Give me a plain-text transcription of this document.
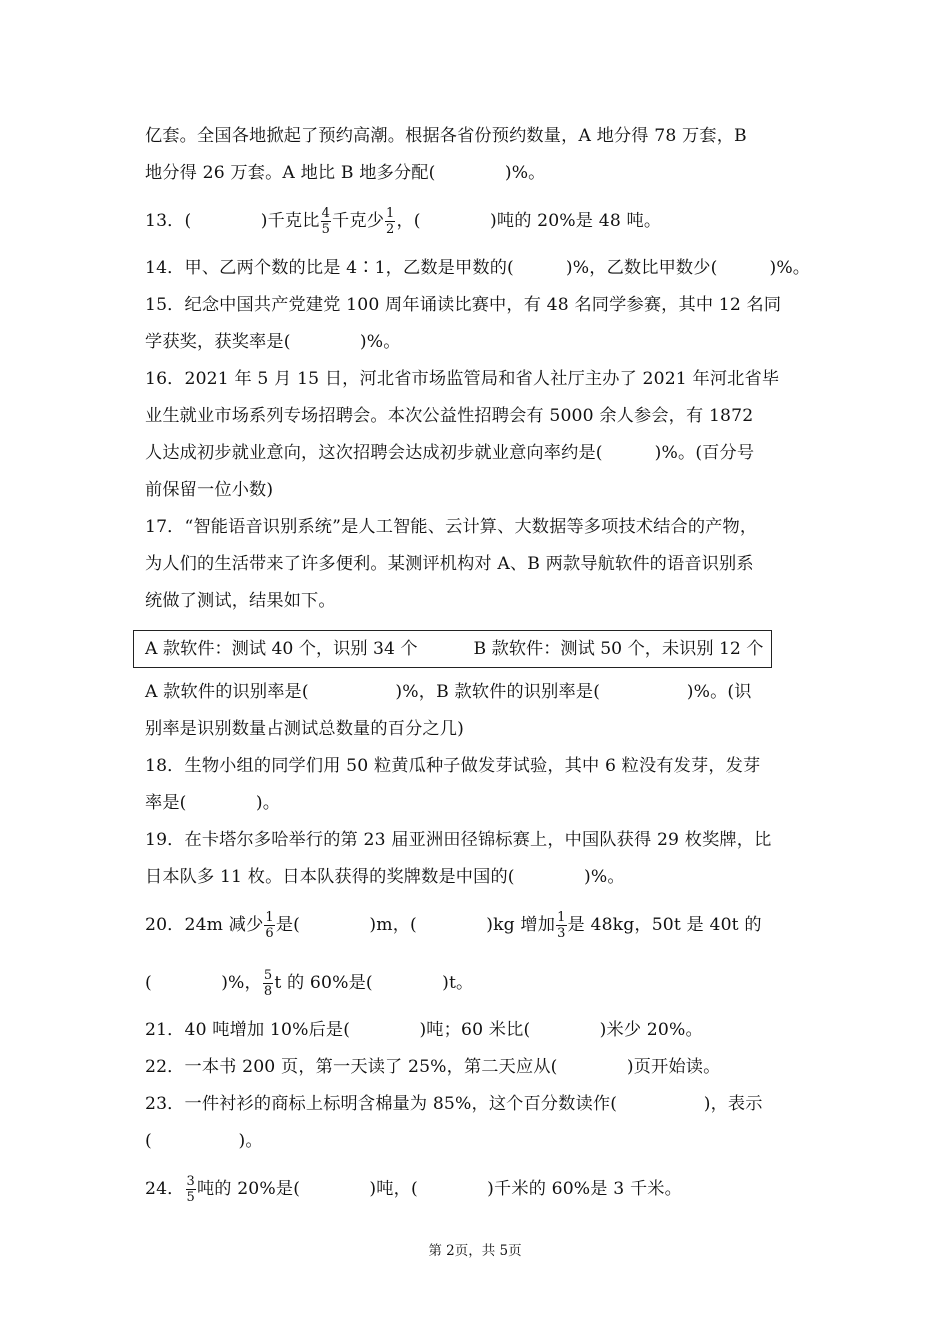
亿套。全国各地掀起了预约高潮。根据各省份预约数量，A 地分得 78 万套，B
地分得 26 万套。A 地比 B 地多分配(　　　　)%。
13．(　　　　)千克比 $\frac{4}{5}$ 千克少 $\frac{1}{2}$ ，(　　　　)吨的 20%是 48 吨。
14．甲、乙两个数的比是 4∶1，乙数是甲数的(　　　)%，乙数比甲数少(　　　)%。
15．纪念中国共产党建党 100 周年诵读比赛中，有 48 名同学参赛，其中 12 名同
学获奖，获奖率是(　　　　)%。
16．2021 年 5 月 15 日，河北省市场监管局和省人社厅主办了 2021 年河北省毕
业生就业市场系列专场招聘会。本次公益性招聘会有 5000 余人参会，有 1872
人达成初步就业意向，这次招聘会达成初步就业意向率约是(　　　)%。(百分号
前保留一位小数)
17．“智能语音识别系统”是人工智能、云计算、大数据等多项技术结合的产物，
为人们的生活带来了许多便利。某测评机构对 A、B 两款导航软件的语音识别系
统做了测试，结果如下。
A 款软件：测试 40 个，识别 34 个	B 款软件：测试 50 个，未识别 12 个
A 款软件的识别率是(　　　　　)%，B 款软件的识别率是(　　　　　)%。(识
别率是识别数量占测试总数量的百分之几)
18．生物小组的同学们用 50 粒黄瓜种子做发芽试验，其中 6 粒没有发芽，发芽
率是(　　　　)。
19．在卡塔尔多哈举行的第 23 届亚洲田径锦标赛上，中国队获得 29 枚奖牌，比
日本队多 11 枚。日本队获得的奖牌数是中国的(　　　　)%。
20．24m 减少 $\frac{1}{6}$ 是(　　　　)m，(　　　　)kg 增加 $\frac{1}{3}$ 是 48kg，50t 是 40t 的
(　　　　)%， $\frac{5}{8}$ t 的 60%是(　　　　)t。
21．40 吨增加 10%后是(　　　　)吨；60 米比(　　　　)米少 20%。
22．一本书 200 页，第一天读了 25%，第二天应从(　　　　)页开始读。
23．一件衬衫的商标上标明含棉量为 85%，这个百分数读作(　　　　　)，表示
(　　　　　)。
24． $\frac{3}{5}$ 吨的 20%是(　　　　)吨，(　　　　)千米的 60%是 3 千米。
第 2页，共 5页
